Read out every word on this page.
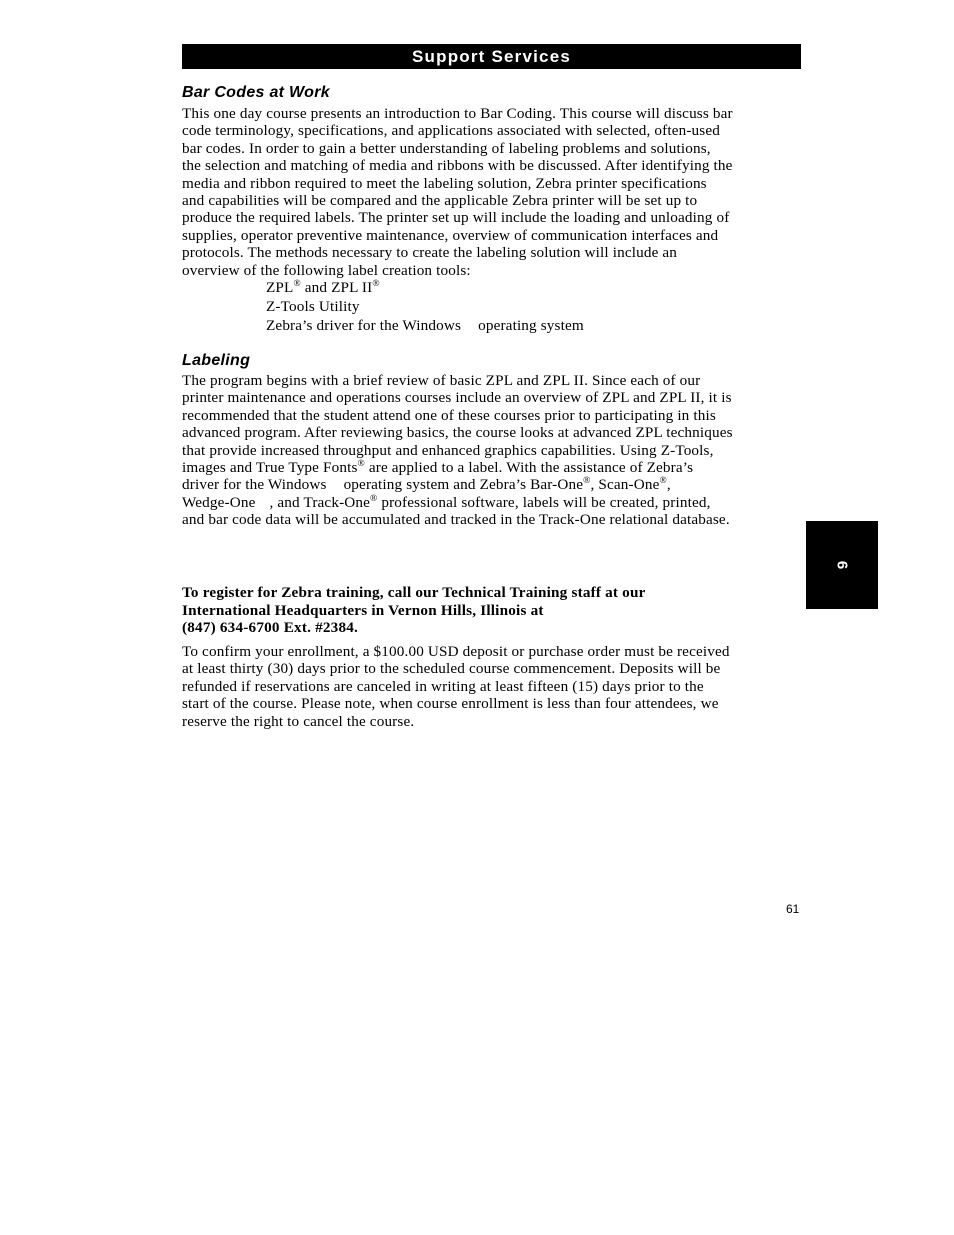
Support Services
Bar Codes at Work
This one day course presents an introduction to Bar Coding. This course will discuss bar
code terminology, specifications, and applications associated with selected, often-used
bar codes. In order to gain a better understanding of labeling problems and solutions,
the selection and matching of media and ribbons with be discussed. After identifying the
media and ribbon required to meet the labeling solution, Zebra printer specifications
and capabilities will be compared and the applicable Zebra printer will be set up to
produce the required labels. The printer set up will include the loading and unloading of
supplies, operator preventive maintenance, overview of communication interfaces and
protocols. The methods necessary to create the labeling solution will include an
overview of the following label creation tools:
ZPL® and ZPL II®
Z-Tools Utility
Zebra’s driver for the Windows operating system
Labeling
The program begins with a brief review of basic ZPL and ZPL II. Since each of our
printer maintenance and operations courses include an overview of ZPL and ZPL II, it is
recommended that the student attend one of these courses prior to participating in this
advanced program. After reviewing basics, the course looks at advanced ZPL techniques
that provide increased throughput and enhanced graphics capabilities. Using Z-Tools,
images and True Type Fonts® are applied to a label. With the assistance of Zebra’s
driver for the Windows operating system and Zebra’s Bar-One®, Scan-One®,
Wedge-One , and Track-One® professional software, labels will be created, printed,
and bar code data will be accumulated and tracked in the Track-One relational database.
To register for Zebra training, call our Technical Training staff at our
International Headquarters in Vernon Hills, Illinois at
(847) 634-6700 Ext. #2384.
To confirm your enrollment, a $100.00 USD deposit or purchase order must be received
at least thirty (30) days prior to the scheduled course commencement. Deposits will be
refunded if reservations are canceled in writing at least fifteen (15) days prior to the
start of the course. Please note, when course enrollment is less than four attendees, we
reserve the right to cancel the course.
6
61
